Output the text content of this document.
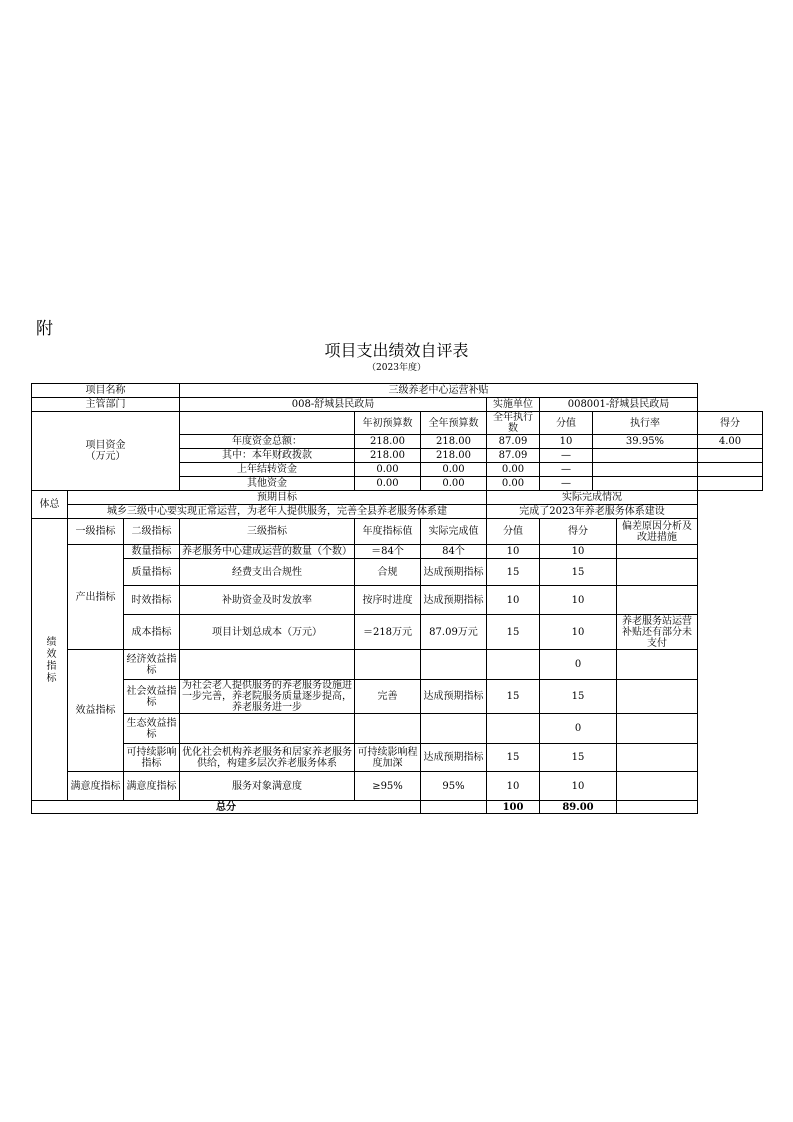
附
项目支出绩效自评表
（2023年度）
项目名称			三级养老中心运营补贴							
主管部门			008-舒城县民政局			实施单位	008001-舒城县民政局			

项目资金
（万元）				年初预算数	全年预算数	全年执行数	分值	执行率		得分
			年度资金总额：	218.00	218.00	87.09	10	39.95%		4.00
			其中：本年财政拨款	218.00	218.00	87.09	—			
			上年结转资金	0.00	0.00	0.00	—			
			其他资金	0.00	0.00	0.00	—			
体总	预期目标					实际完成情况				
	城乡三级中心要实现正常运营，为老年人提供服务，完善全县养老服务体系建					完成了2023年养老服务体系建设				
绩效指标	一级指标	二级指标	三级指标	年度指标值	实际完成值	分值	得分		偏差原因分析及改进措施	
	产出指标	数量指标	养老服务中心建成运营的数量（个数）	＝84个	84个	10	10			
		质量指标	经费支出合规性	合规	达成预期指标	15	15			
		时效指标	补助资金及时发放率	按序时进度	达成预期指标	10	10			
		成本指标	项目计划总成本（万元）	＝218万元	87.09万元	15	10		养老服务站运营补贴还有部分未支付	
	效益指标	经济效益指标					0			
		社会效益指标	为社会老人提供服务的养老服务设施进一步完善，养老院服务质量逐步提高，养老服务进一步	完善	达成预期指标	15	15			
		生态效益指标					0			
		可持续影响指标	优化社会机构养老服务和居家养老服务供给，构建多层次养老服务体系	可持续影响程度加深	达成预期指标	15	15			
	满意度指标	满意度指标	服务对象满意度	≥95%	95%	10	10			
总分						100	89.00			
